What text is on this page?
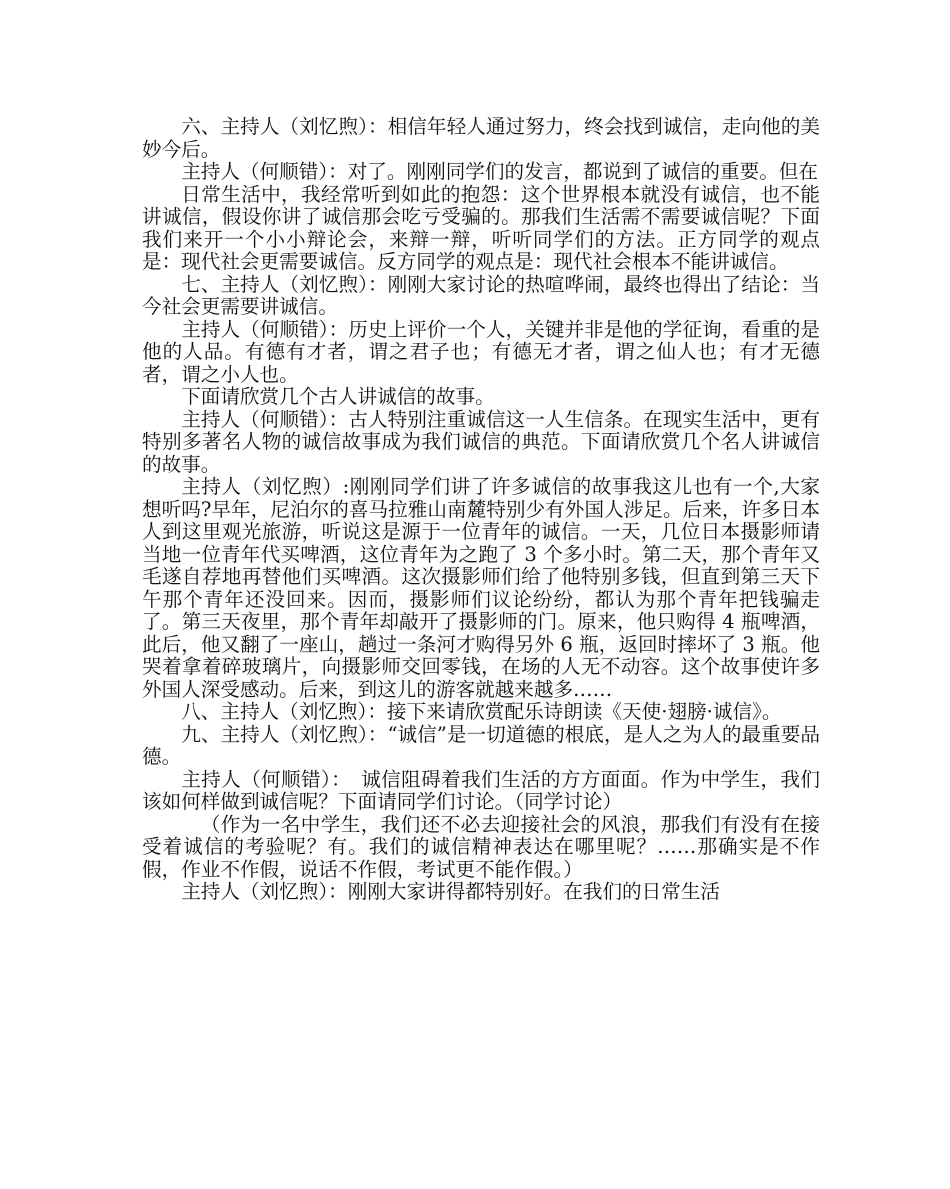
六、主持人（刘忆煦）：相信年轻人通过努力，终会找到诚信，走向他的美妙今后。

主持人（何顺错）：对了。刚刚同学们的发言，都说到了诚信的重要。但在

日常生活中，我经常听到如此的抱怨：这个世界根本就没有诚信，也不能讲诚信，假设你讲了诚信那会吃亏受骗的。那我们生活需不需要诚信呢？下面我们来开一个小小辩论会，来辩一辩，听听同学们的方法。正方同学的观点是：现代社会更需要诚信。反方同学的观点是：现代社会根本不能讲诚信。

七、主持人（刘忆煦）：刚刚大家讨论的热喧哗闹，最终也得出了结论：当今社会更需要讲诚信。

主持人（何顺错）：历史上评价一个人，关键并非是他的学征询，看重的是他的人品。有德有才者，谓之君子也；有德无才者，谓之仙人也；有才无德者，谓之小人也。

下面请欣赏几个古人讲诚信的故事。

主持人（何顺错）：古人特别注重诚信这一人生信条。在现实生活中，更有特别多著名人物的诚信故事成为我们诚信的典范。下面请欣赏几个名人讲诚信的故事。

主持人（刘忆煦）:刚刚同学们讲了许多诚信的故事我这儿也有一个,大家想听吗?早年，尼泊尔的喜马拉雅山南麓特别少有外国人涉足。后来，许多日本人到这里观光旅游，听说这是源于一位青年的诚信。一天，几位日本摄影师请当地一位青年代买啤酒，这位青年为之跑了 3 个多小时。第二天，那个青年又毛遂自荐地再替他们买啤酒。这次摄影师们给了他特别多钱，但直到第三天下午那个青年还没回来。因而，摄影师们议论纷纷，都认为那个青年把钱骗走了。第三天夜里，那个青年却敲开了摄影师的门。原来，他只购得 4 瓶啤酒，此后，他又翻了一座山，趟过一条河才购得另外 6 瓶，返回时摔坏了 3 瓶。他哭着拿着碎玻璃片，向摄影师交回零钱，在场的人无不动容。这个故事使许多外国人深受感动。后来，到这儿的游客就越来越多……

八、主持人（刘忆煦）：接下来请欣赏配乐诗朗读《天使·翅膀·诚信》。

九、主持人（刘忆煦）：“诚信”是一切道德的根底，是人之为人的最重要品德。

主持人（何顺错）：　诚信阻碍着我们生活的方方面面。作为中学生，我们该如何样做到诚信呢？下面请同学们讨论。（同学讨论）

（作为一名中学生，我们还不必去迎接社会的风浪，那我们有没有在接受着诚信的考验呢？有。我们的诚信精神表达在哪里呢？……那确实是不作假，作业不作假，说话不作假，考试更不能作假。）

主持人（刘忆煦）：刚刚大家讲得都特别好。在我们的日常生活
